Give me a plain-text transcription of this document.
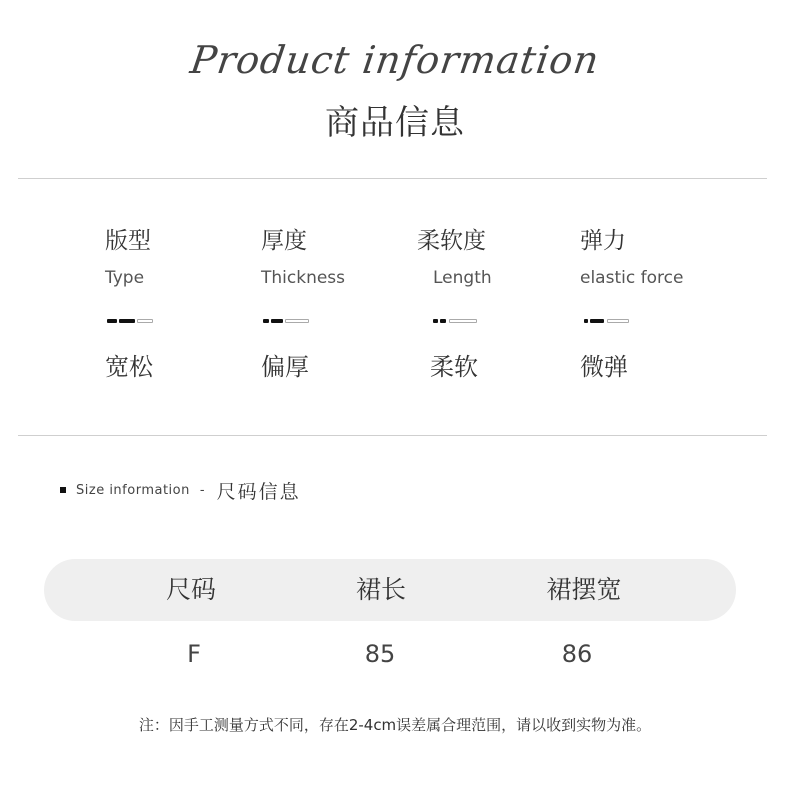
Product information
商品信息
版型
Type
宽松
厚度
Thickness
偏厚
柔软度
Length
柔软
弹力
elastic force
微弹
Size information - 尺码信息
尺码	裙长	裙摆宽
F	85	86
注：因手工测量方式不同，存在2-4cm误差属合理范围，请以收到实物为准。
